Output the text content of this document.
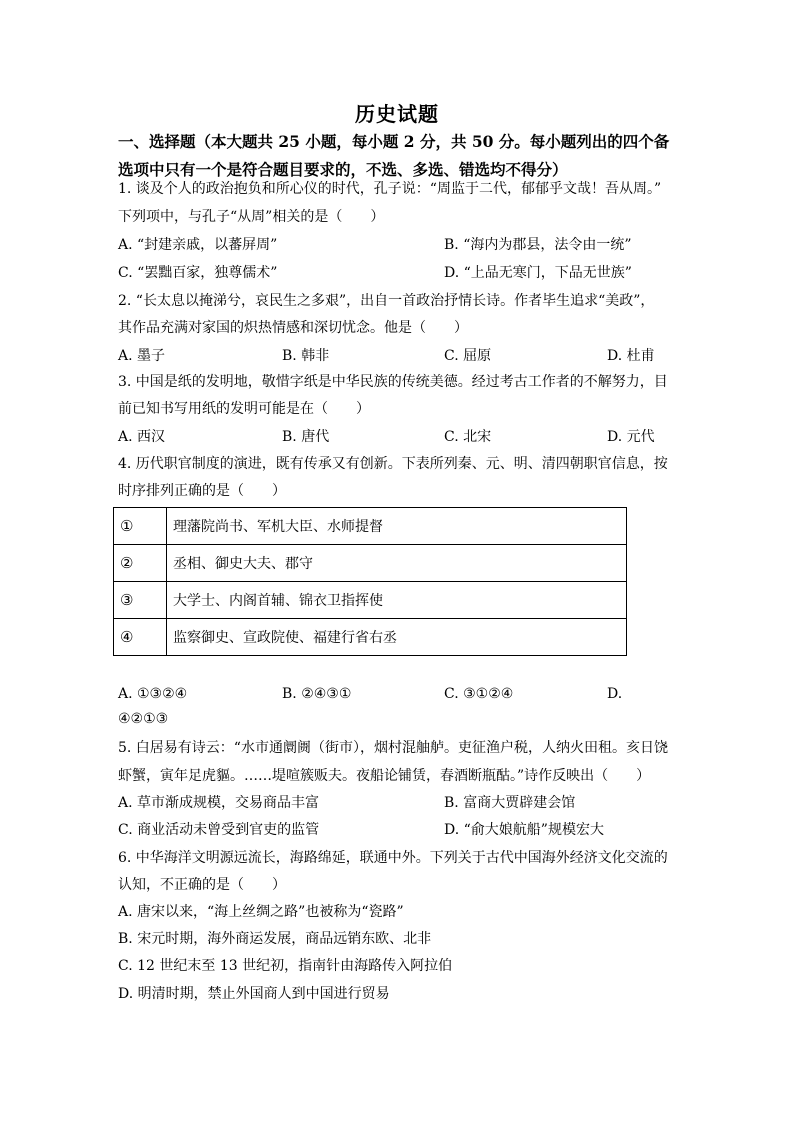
历史试题
一、选择题（本大题共 25 小题，每小题 2 分，共 50 分。每小题列出的四个备
选项中只有一个是符合题目要求的，不选、多选、错选均不得分）
1. 谈及个人的政治抱负和所心仪的时代，孔子说：“周监于二代，郁郁乎文哉！吾从周。”
下列项中，与孔子“从周”相关的是（　　）
A. “封建亲戚，以蕃屏周”	B. “海内为郡县，法令由一统”
C. “罢黜百家，独尊儒术”	D. “上品无寒门，下品无世族”
2. “长太息以掩涕兮，哀民生之多艰”，出自一首政治抒情长诗。作者毕生追求“美政”，
其作品充满对家国的炽热情感和深切忧念。他是（　　）
A. 墨子	B. 韩非	C. 屈原	D. 杜甫
3. 中国是纸的发明地，敬惜字纸是中华民族的传统美德。经过考古工作者的不解努力，目
前已知书写用纸的发明可能是在（　　）
A. 西汉	B. 唐代	C. 北宋	D. 元代
4. 历代职官制度的演进，既有传承又有创新。下表所列秦、元、明、清四朝职官信息，按
时序排列正确的是（　　）
①	理藩院尚书、军机大臣、水师提督
②	丞相、御史大夫、郡守
③	大学士、内阁首辅、锦衣卫指挥使
④	监察御史、宣政院使、福建行省右丞
A. ①③②④	B. ②④③①	C. ③①②④	D.
④②①③
5. 白居易有诗云：“水市通阛阓（街市），烟村混舳舻。吏征渔户税，人纳火田租。亥日饶
虾蟹，寅年足虎貙。……堤喧簇贩夫。夜船论铺赁，春酒断瓶酤。”诗作反映出（　　）
A. 草市渐成规模，交易商品丰富	B. 富商大贾辟建会馆
C. 商业活动未曾受到官吏的监管	D. “俞大娘航船”规模宏大
6. 中华海洋文明源远流长，海路绵延，联通中外。下列关于古代中国海外经济文化交流的
认知，不正确的是（　　）
A. 唐宋以来，“海上丝绸之路”也被称为“瓷路”
B. 宋元时期，海外商运发展，商品远销东欧、北非
C. 12 世纪末至 13 世纪初，指南针由海路传入阿拉伯
D. 明清时期，禁止外国商人到中国进行贸易
